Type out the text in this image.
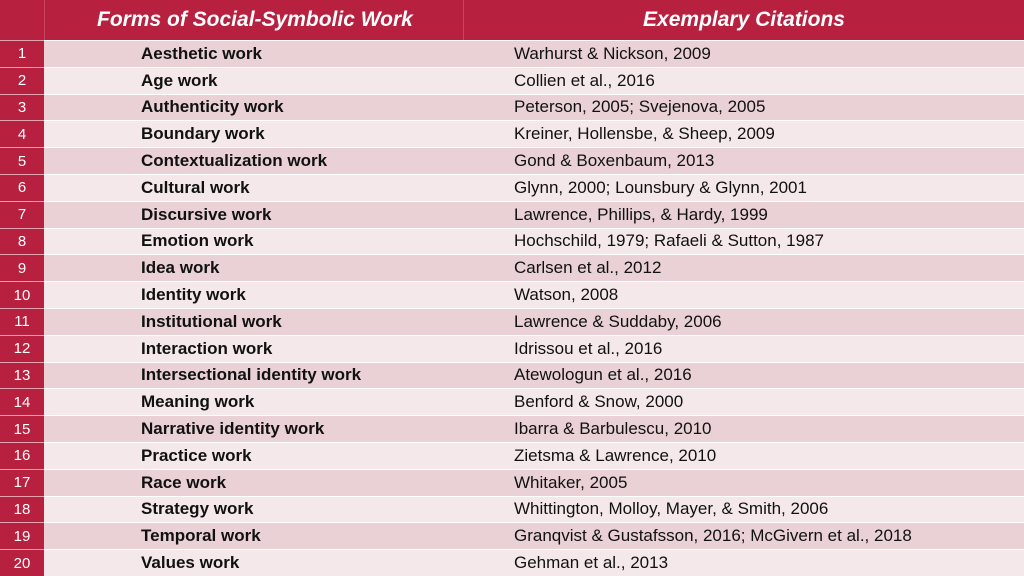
Forms of Social-Symbolic Work	Exemplary Citations
1	Aesthetic work	Warhurst & Nickson, 2009
2	Age work	Collien et al., 2016
3	Authenticity work	Peterson, 2005; Svejenova, 2005
4	Boundary work	Kreiner, Hollensbe, & Sheep, 2009
5	Contextualization work	Gond & Boxenbaum, 2013
6	Cultural work	Glynn, 2000; Lounsbury & Glynn, 2001
7	Discursive work	Lawrence, Phillips, & Hardy, 1999
8	Emotion work	Hochschild, 1979; Rafaeli & Sutton, 1987
9	Idea work	Carlsen et al., 2012
10	Identity work	Watson, 2008
11	Institutional work	Lawrence & Suddaby, 2006
12	Interaction work	Idrissou et al., 2016
13	Intersectional identity work	Atewologun et al., 2016
14	Meaning work	Benford & Snow, 2000
15	Narrative identity work	Ibarra & Barbulescu, 2010
16	Practice work	Zietsma & Lawrence, 2010
17	Race work	Whitaker, 2005
18	Strategy work	Whittington, Molloy, Mayer, & Smith, 2006
19	Temporal work	Granqvist & Gustafsson, 2016; McGivern et al., 2018
20	Values work	Gehman et al., 2013
